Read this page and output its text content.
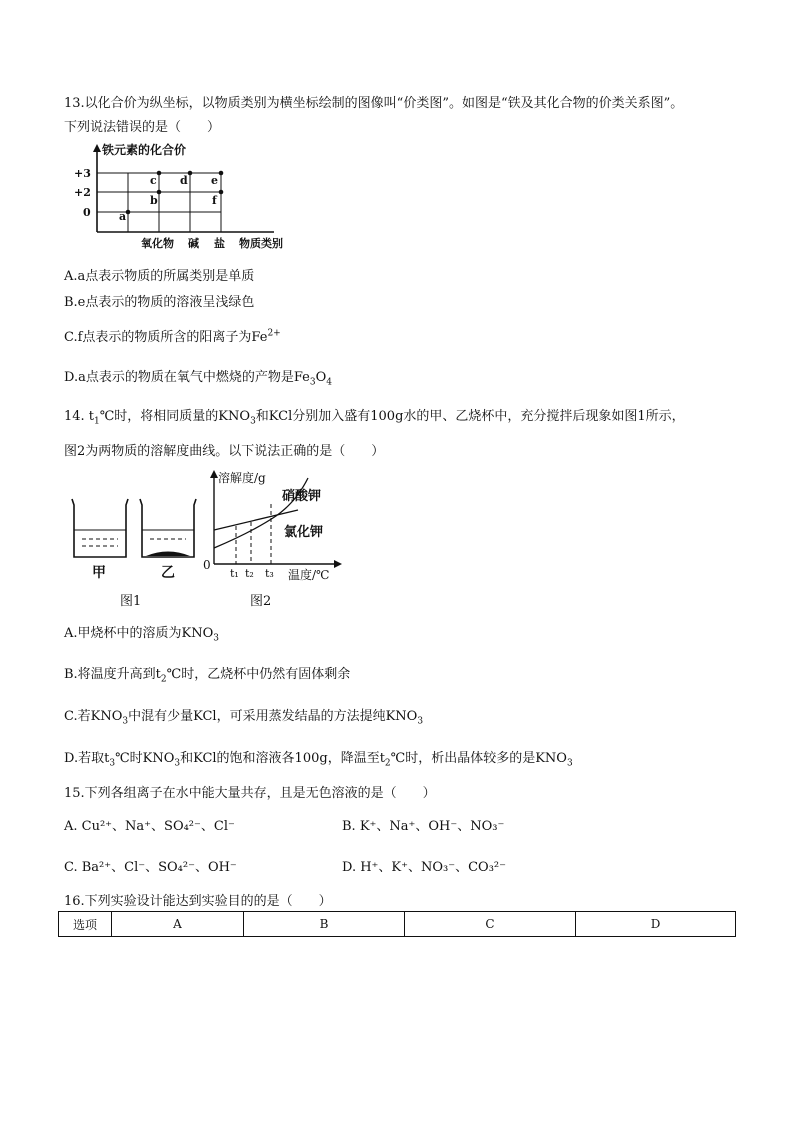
13.以化合价为纵坐标，以物质类别为横坐标绘制的图像叫“价类图”。如图是“铁及其化合物的价类关系图”。
下列说法错误的是（　　）
铁元素的化合价
+3
+2
0	a
b
c d e
f
氧化物 碱 盐 物质类别
A.a点表示物质的所属类别是单质
B.e点表示的物质的溶液呈浅绿色
C.f点表示的物质所含的阳离子为$Fe^{2+}$
D.a点表示的物质在氧气中燃烧的产物是$Fe_3O_4$
14. $t_1℃$时，将相同质量的$KNO_3$和KCl分别加入盛有100g水的甲、乙烧杯中，充分搅拌后现象如图1所示，
图2为两物质的溶解度曲线。以下说法正确的是（　　）
甲	乙
图1
溶解度/g
硝酸钾
氯化钾
0
t₁ t₂ t₃ 温度/℃
图2
A.甲烧杯中的溶质为$KNO_3$
B.将温度升高到$t_2℃$时，乙烧杯中仍然有固体剩余
C.若$KNO_3$中混有少量KCl，可采用蒸发结晶的方法提纯$KNO_3$
D.若取$t_3℃$时$KNO_3$和KCl的饱和溶液各100g，降温至$t_2℃$时，析出晶体较多的是$KNO_3$
15.下列各组离子在水中能大量共存，且是无色溶液的是（　　）
A. Cu²⁺、Na⁺、SO₄²⁻、Cl⁻	B. K⁺、Na⁺、OH⁻、NO₃⁻
C. Ba²⁺、Cl⁻、SO₄²⁻、OH⁻	D. H⁺、K⁺、NO₃⁻、CO₃²⁻
16.下列实验设计能达到实验目的的是（　　）
选项	A	B	C	D
